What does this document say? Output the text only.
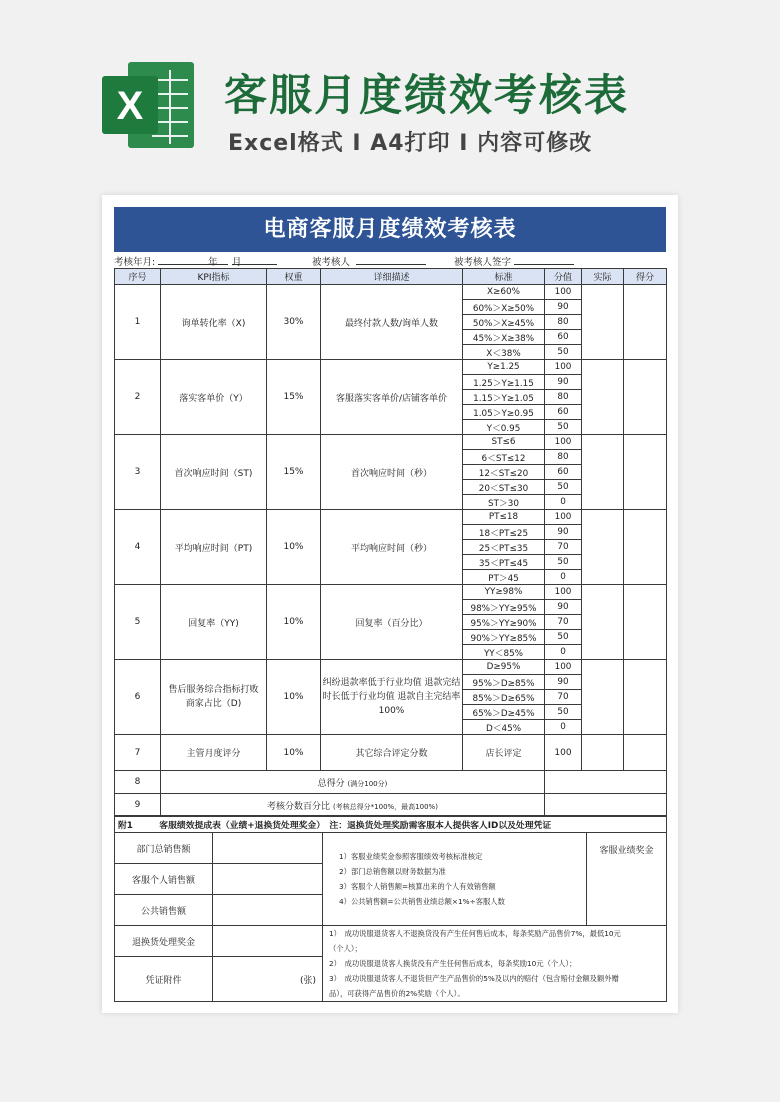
X 客服月度绩效考核表
Excel格式 I A4打印 I 内容可修改
电商客服月度绩效考核表
考核年月:	年 月	被考核人	被考核人签字
序号	KPI指标	权重	详细描述	标准	分值	实际	得分
1	询单转化率（X)	30%	最终付款人数/询单人数	X≥60%	100		
				60%＞X≥50%	90		
				50%＞X≥45%	80		
				45%＞X≥38%	60		
				X＜38%	50		
2	落实客单价（Y）	15%	客服落实客单价/店铺客单价	Y≥1.25	100		
				1.25＞Y≥1.15	90		
				1.15＞Y≥1.05	80		
				1.05＞Y≥0.95	60		
				Y＜0.95	50		
3	首次响应时间（ST)	15%	首次响应时间（秒）	ST≤6	100		
				6＜ST≤12	80		
				12＜ST≤20	60		
				20＜ST≤30	50		
				ST＞30	0		
4	平均响应时间（PT)	10%	平均响应时间（秒）	PT≤18	100		
				18＜PT≤25	90		
				25＜PT≤35	70		
				35＜PT≤45	50		
				PT＞45	0		
5	回复率（YY)	10%	回复率（百分比）	YY≥98%	100		
				98%＞YY≥95%	90		
				95%＞YY≥90%	70		
				90%＞YY≥85%	50		
				YY＜85%	0		
6	售后服务综合指标打败商家占比（D)	10%	纠纷退款率低于行业均值 退款完结时长低于行业均值 退款自主完结率100%	D≥95%	100		
				95%＞D≥85%	90		
				85%＞D≥65%	70		
				65%＞D≥45%	50		
				D＜45%	0		
7	主管月度评分	10%	其它综合评定分数	店长评定	100		
8	总得分 (满分100分)						
9	考核分数百分比 (考核总得分*100%，最高100%)						
附1　　　客服绩效提成表（业绩+退换货处理奖金）　注：退换货处理奖励需客服本人提供客人ID以及处理凭证			
部门总销售额		1）客服业绩奖金参照客服绩效考核标准核定
2）部门总销售额以财务数据为准
3）客服个人销售额=核算出来的个人有效销售额
4）公共销售额=公共销售业绩总额×1%÷客服人数	客服业绩奖金
客服个人销售额			
公共销售额			
退换货处理奖金		1）　成功说服退货客人不退换货没有产生任何售后成本，每条奖励产品售价7%，最低10元
（个人）；
2）　成功说服退货客人换货没有产生任何售后成本，每条奖励10元（个人）；
3）　成功说服退货客人不退货但产生产品售价的5%及以内的赔付（包含赔付金额及额外赠
品），可获得产品售价的2%奖励（个人）。	

凭证附件	(张)		
